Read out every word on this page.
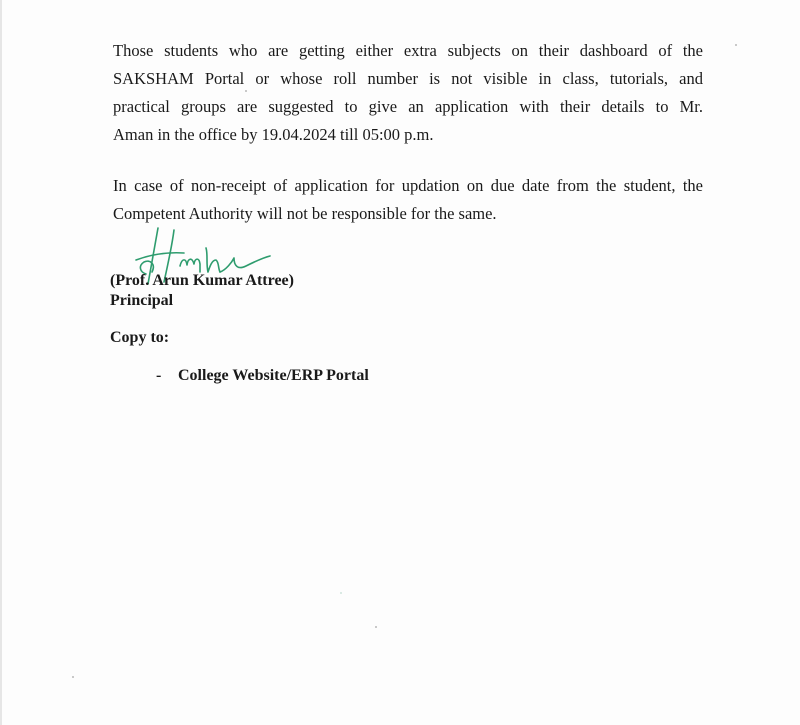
Those students who are getting either extra subjects on their dashboard of the
SAKSHAM Portal or whose roll number is not visible in class, tutorials, and
practical groups are suggested to give an application with their details to Mr.
Aman in the office by 19.04.2024 till 05:00 p.m.

In case of non-receipt of application for updation on due date from the student, the
Competent Authority will not be responsible for the same.

(Prof. Arun Kumar Attree)
Principal
Copy to:
- College Website/ERP Portal
